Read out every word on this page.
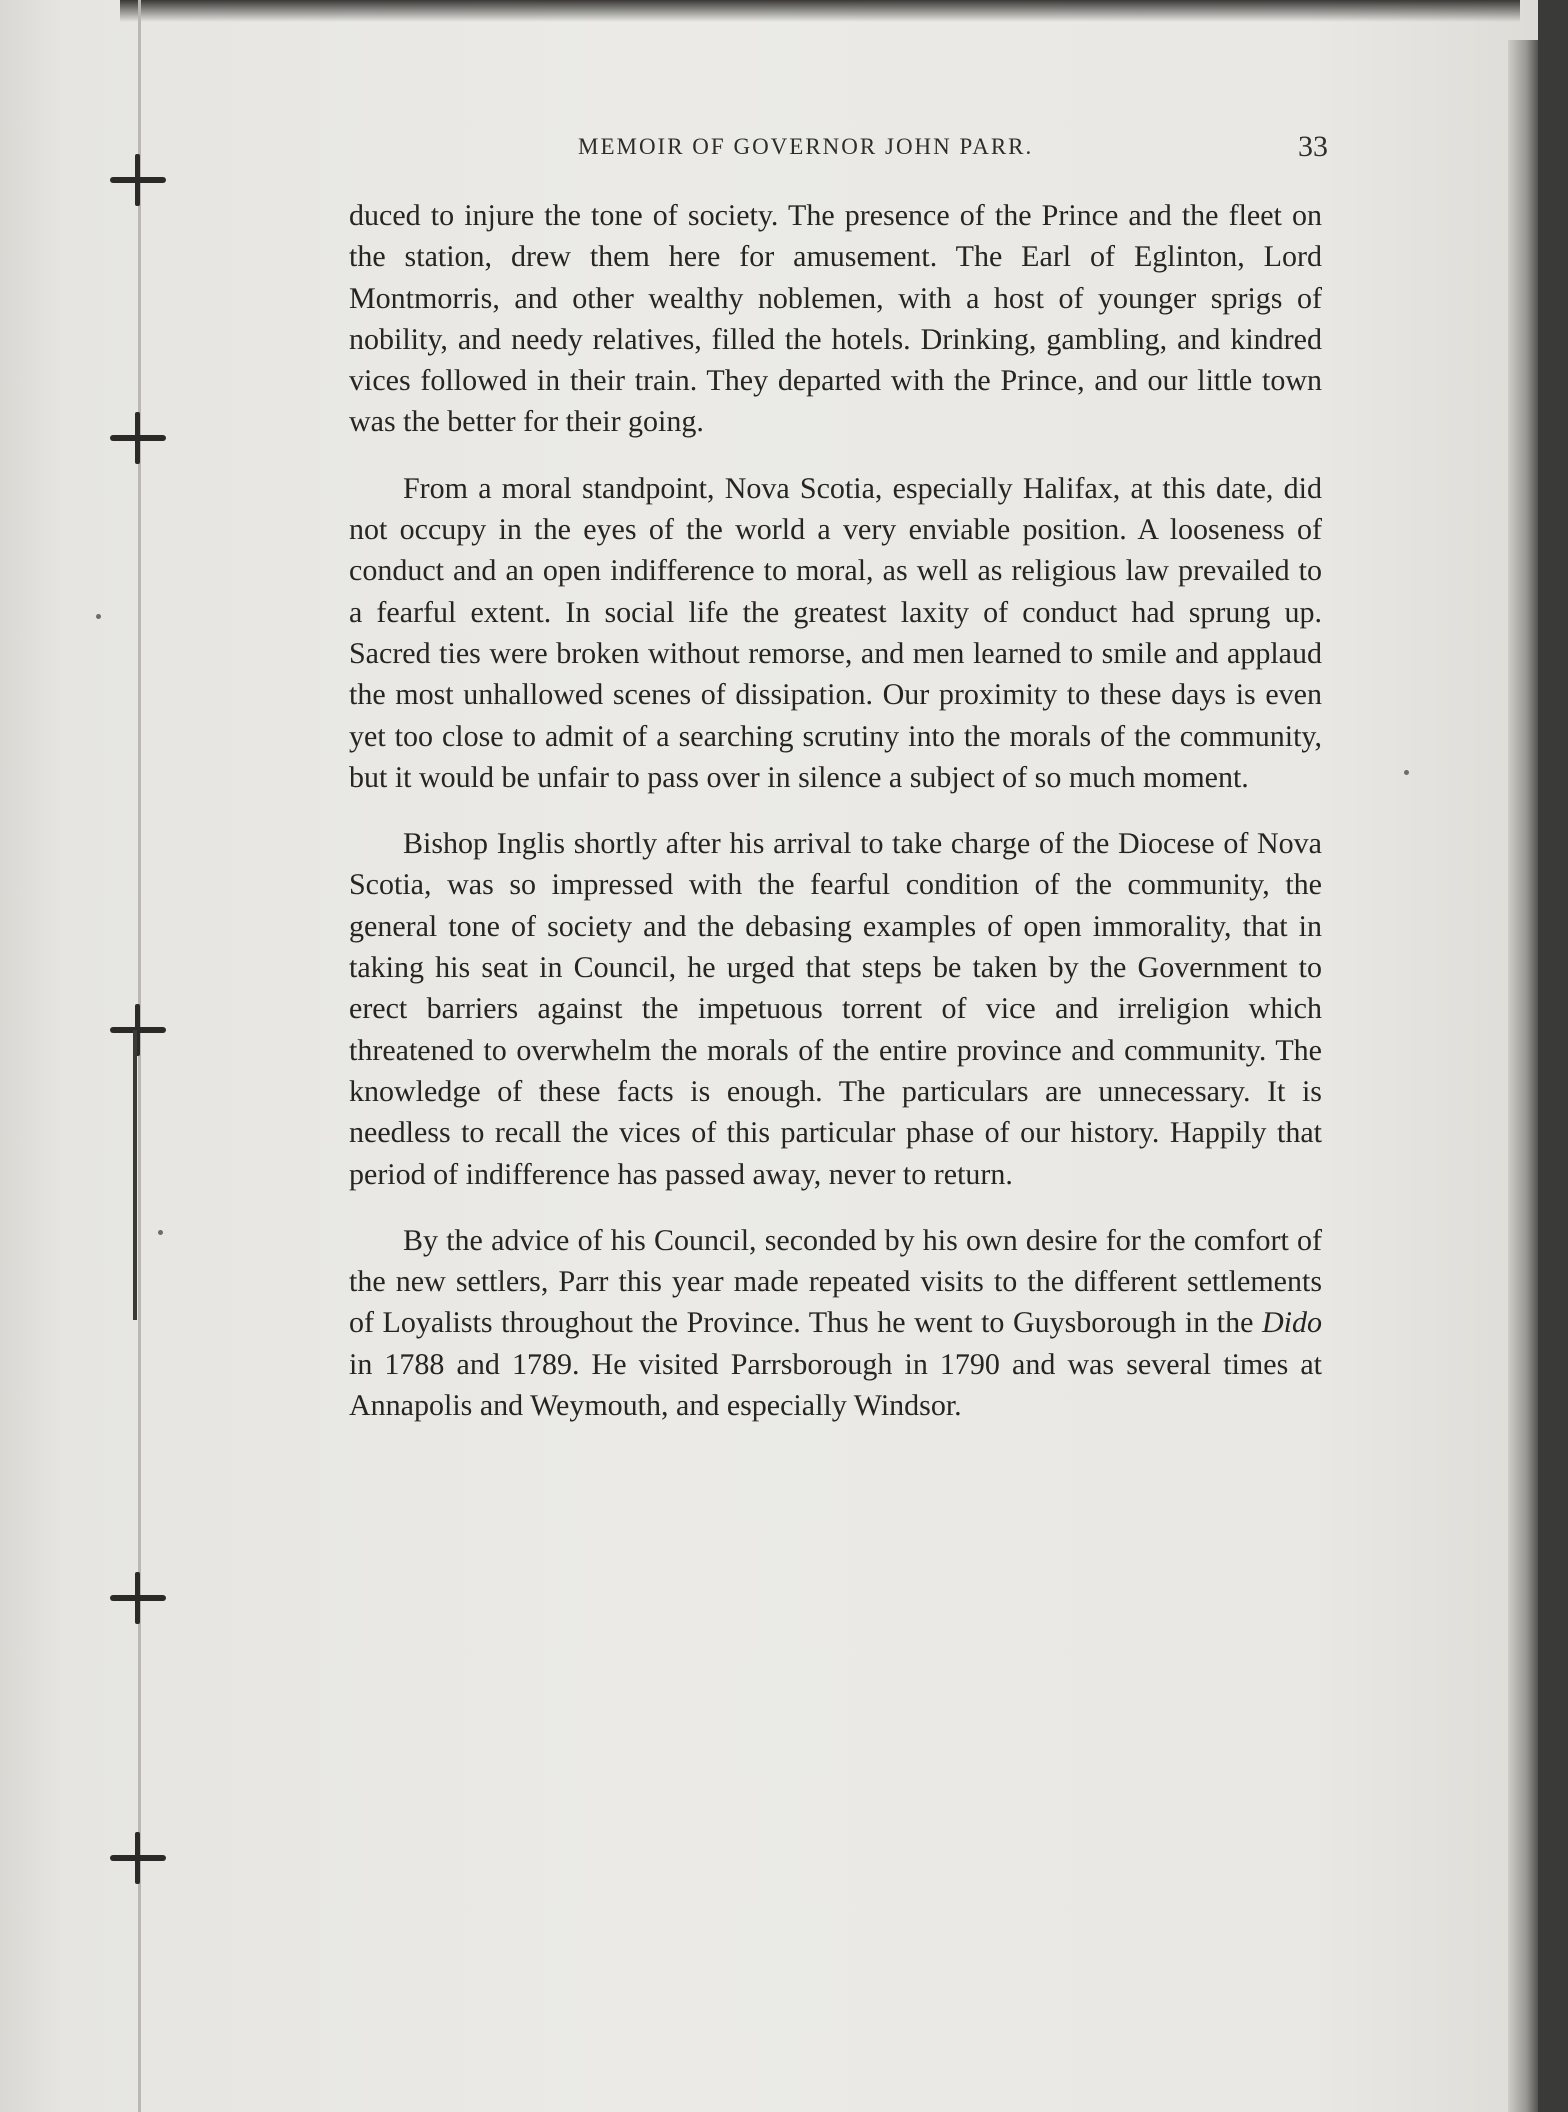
MEMOIR OF GOVERNOR JOHN PARR.	33

duced to injure the tone of society. The presence of the Prince and the fleet on the station, drew them here for amusement. The Earl of Eglinton, Lord Montmorris, and other wealthy noblemen, with a host of younger sprigs of nobility, and needy relatives, filled the hotels. Drinking, gambling, and kindred vices followed in their train. They departed with the Prince, and our little town was the better for their going.

From a moral standpoint, Nova Scotia, especially Halifax, at this date, did not occupy in the eyes of the world a very enviable position. A looseness of conduct and an open indifference to moral, as well as religious law prevailed to a fearful extent. In social life the greatest laxity of conduct had sprung up. Sacred ties were broken without remorse, and men learned to smile and applaud the most unhallowed scenes of dissipation. Our proximity to these days is even yet too close to admit of a searching scrutiny into the morals of the community, but it would be unfair to pass over in silence a subject of so much moment.

Bishop Inglis shortly after his arrival to take charge of the Diocese of Nova Scotia, was so impressed with the fearful condition of the community, the general tone of society and the debasing examples of open immorality, that in taking his seat in Council, he urged that steps be taken by the Government to erect barriers against the impetuous torrent of vice and irreligion which threatened to overwhelm the morals of the entire province and community. The knowledge of these facts is enough. The particulars are unnecessary. It is needless to recall the vices of this particular phase of our history. Happily that period of indifference has passed away, never to return.

By the advice of his Council, seconded by his own desire for the comfort of the new settlers, Parr this year made repeated visits to the different settlements of Loyalists throughout the Province. Thus he went to Guysborough in the Dido in 1788 and 1789. He visited Parrsborough in 1790 and was several times at Annapolis and Weymouth, and especially Windsor.
